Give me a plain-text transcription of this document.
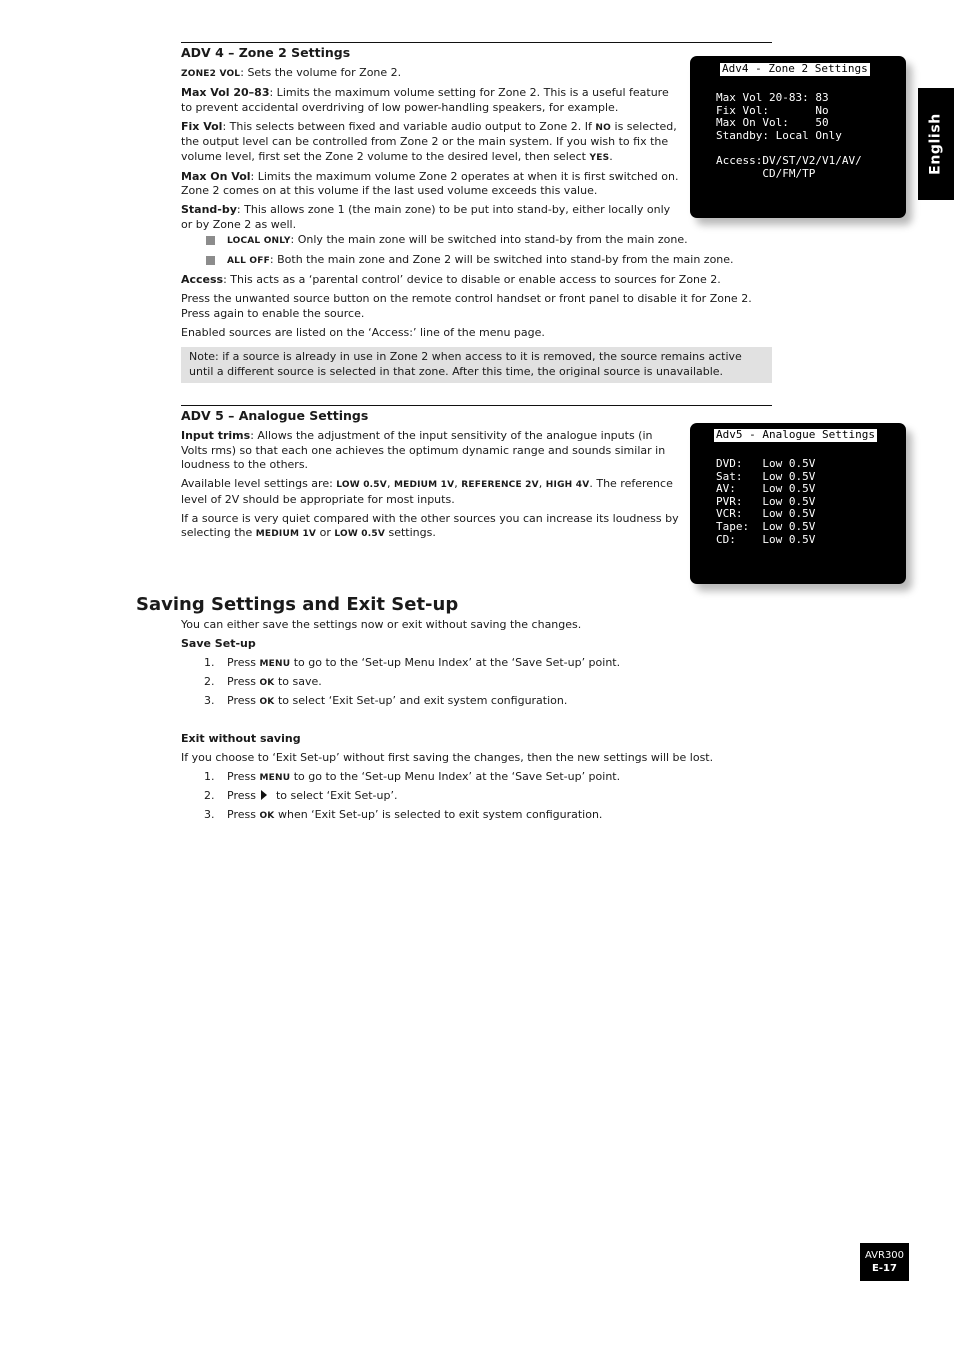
English
ADV 4 – Zone 2 Settings

ZONE2 VOL: Sets the volume for Zone 2.

Max Vol 20–83: Limits the maximum volume setting for Zone 2. This is a useful feature to prevent accidental overdriving of low power-handling speakers, for example.

Fix Vol: This selects between fixed and variable audio output to Zone 2. If NO is selected, the output level can be controlled from Zone 2 or the main system. If you wish to fix the volume level, first set the Zone 2 volume to the desired level, then select YES.

Max On Vol: Limits the maximum volume Zone 2 operates at when it is first switched on. Zone 2 comes on at this volume if the last used volume exceeds this value.

Stand-by: This allows zone 1 (the main zone) to be put into stand-by, either locally only or by Zone 2 as well.

LOCAL ONLY: Only the main zone will be switched into stand-by from the main zone.
ALL OFF: Both the main zone and Zone 2 will be switched into stand-by from the main zone.

Access: This acts as a ‘parental control’ device to disable or enable access to sources for Zone 2.

Press the unwanted source button on the remote control handset or front panel to disable it for Zone 2. Press again to enable the source.

Enabled sources are listed on the ‘Access:’ line of the menu page.

Note: if a source is already in use in Zone 2 when access to it is removed, the source remains active until a different source is selected in that zone. After this time, the original source is unavailable.
Adv4 - Zone 2 Settings
Max Vol 20-83: 83
Fix Vol:       No
Max On Vol:    50
Standby: Local Only
Access:DV/ST/V2/V1/AV/
CD/FM/TP
ADV 5 – Analogue Settings

Input trims: Allows the adjustment of the input sensitivity of the analogue inputs (in Volts rms) so that each one achieves the optimum dynamic range and sounds similar in loudness to the others.

Available level settings are: LOW 0.5V, MEDIUM 1V, REFERENCE 2V, HIGH 4V. The reference level of 2V should be appropriate for most inputs.

If a source is very quiet compared with the other sources you can increase its loudness by selecting the MEDIUM 1V or LOW 0.5V settings.

Adv5 - Analogue Settings
DVD:   Low 0.5V
Sat:   Low 0.5V
AV:    Low 0.5V
PVR:   Low 0.5V
VCR:   Low 0.5V
Tape:  Low 0.5V
CD:    Low 0.5V
Saving Settings and Exit Set-up
You can either save the settings now or exit without saving the changes.
Save Set-up
1. Press MENU to go to the ‘Set-up Menu Index’ at the ‘Save Set-up’ point.
2. Press OK to save.
3. Press OK to select ‘Exit Set-up’ and exit system configuration.
Exit without saving
If you choose to ‘Exit Set-up’ without first saving the changes, then the new settings will be lost.
1. Press MENU to go to the ‘Set-up Menu Index’ at the ‘Save Set-up’ point.
2. Press  to select ‘Exit Set-up’.
3. Press OK when ‘Exit Set-up’ is selected to exit system configuration.
AVR300
E-17
